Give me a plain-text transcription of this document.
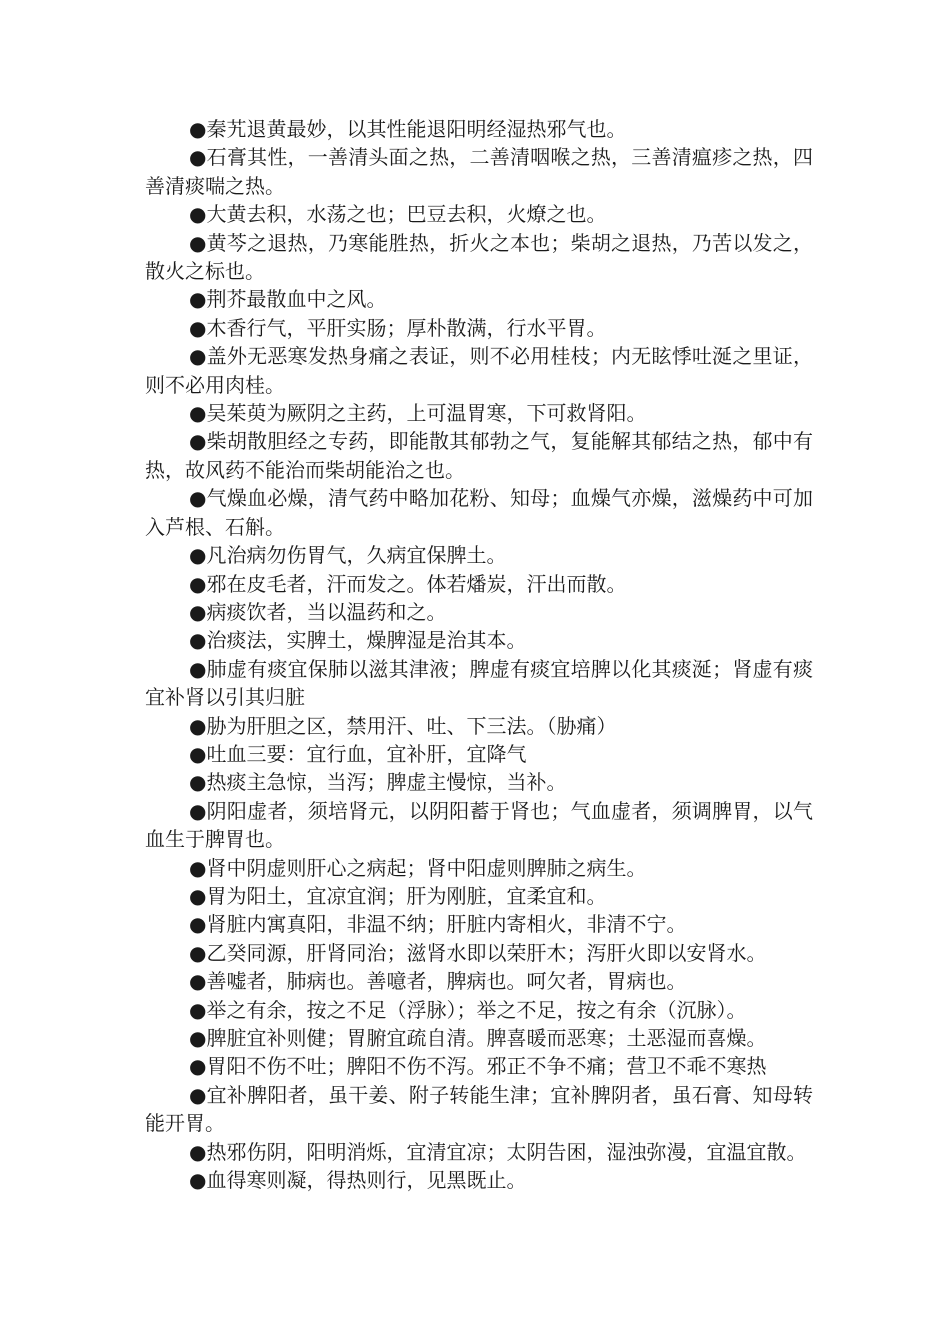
●秦艽退黄最妙，以其性能退阳明经湿热邪气也。

●石膏其性，一善清头面之热，二善清咽喉之热，三善清瘟疹之热，四善清痰喘之热。

●大黄去积，水荡之也；巴豆去积，火燎之也。

●黄芩之退热，乃寒能胜热，折火之本也；柴胡之退热，乃苦以发之，散火之标也。

●荆芥最散血中之风。

●木香行气，平肝实肠；厚朴散满，行水平胃。

●盖外无恶寒发热身痛之表证，则不必用桂枝；内无眩悸吐涎之里证，则不必用肉桂。

●吴茱萸为厥阴之主药，上可温胃寒，下可救肾阳。

●柴胡散胆经之专药，即能散其郁勃之气，复能解其郁结之热，郁中有热，故风药不能治而柴胡能治之也。

●气燥血必燥，清气药中略加花粉、知母；血燥气亦燥，滋燥药中可加入芦根、石斛。

●凡治病勿伤胃气，久病宜保脾土。

●邪在皮毛者，汗而发之。体若燔炭，汗出而散。

●病痰饮者，当以温药和之。

●治痰法，实脾土，燥脾湿是治其本。

●肺虚有痰宜保肺以滋其津液；脾虚有痰宜培脾以化其痰涎；肾虚有痰宜补肾以引其归脏

●胁为肝胆之区，禁用汗、吐、下三法。（胁痛）

●吐血三要：宜行血，宜补肝，宜降气

●热痰主急惊，当泻；脾虚主慢惊，当补。

●阴阳虚者，须培肾元，以阴阳蓄于肾也；气血虚者，须调脾胃，以气血生于脾胃也。

●肾中阴虚则肝心之病起；肾中阳虚则脾肺之病生。

●胃为阳土，宜凉宜润；肝为刚脏，宜柔宜和。

●肾脏内寓真阳，非温不纳；肝脏内寄相火，非清不宁。

●乙癸同源，肝肾同治；滋肾水即以荣肝木；泻肝火即以安肾水。

●善嘘者，肺病也。善噫者，脾病也。呵欠者，胃病也。

●举之有余，按之不足（浮脉）；举之不足，按之有余（沉脉）。

●脾脏宜补则健；胃腑宜疏自清。脾喜暖而恶寒；土恶湿而喜燥。

●胃阳不伤不吐；脾阳不伤不泻。邪正不争不痛；营卫不乖不寒热

●宜补脾阳者，虽干姜、附子转能生津；宜补脾阴者，虽石膏、知母转能开胃。

●热邪伤阴，阳明消烁，宜清宜凉；太阴告困，湿浊弥漫，宜温宜散。

●血得寒则凝，得热则行，见黑既止。
